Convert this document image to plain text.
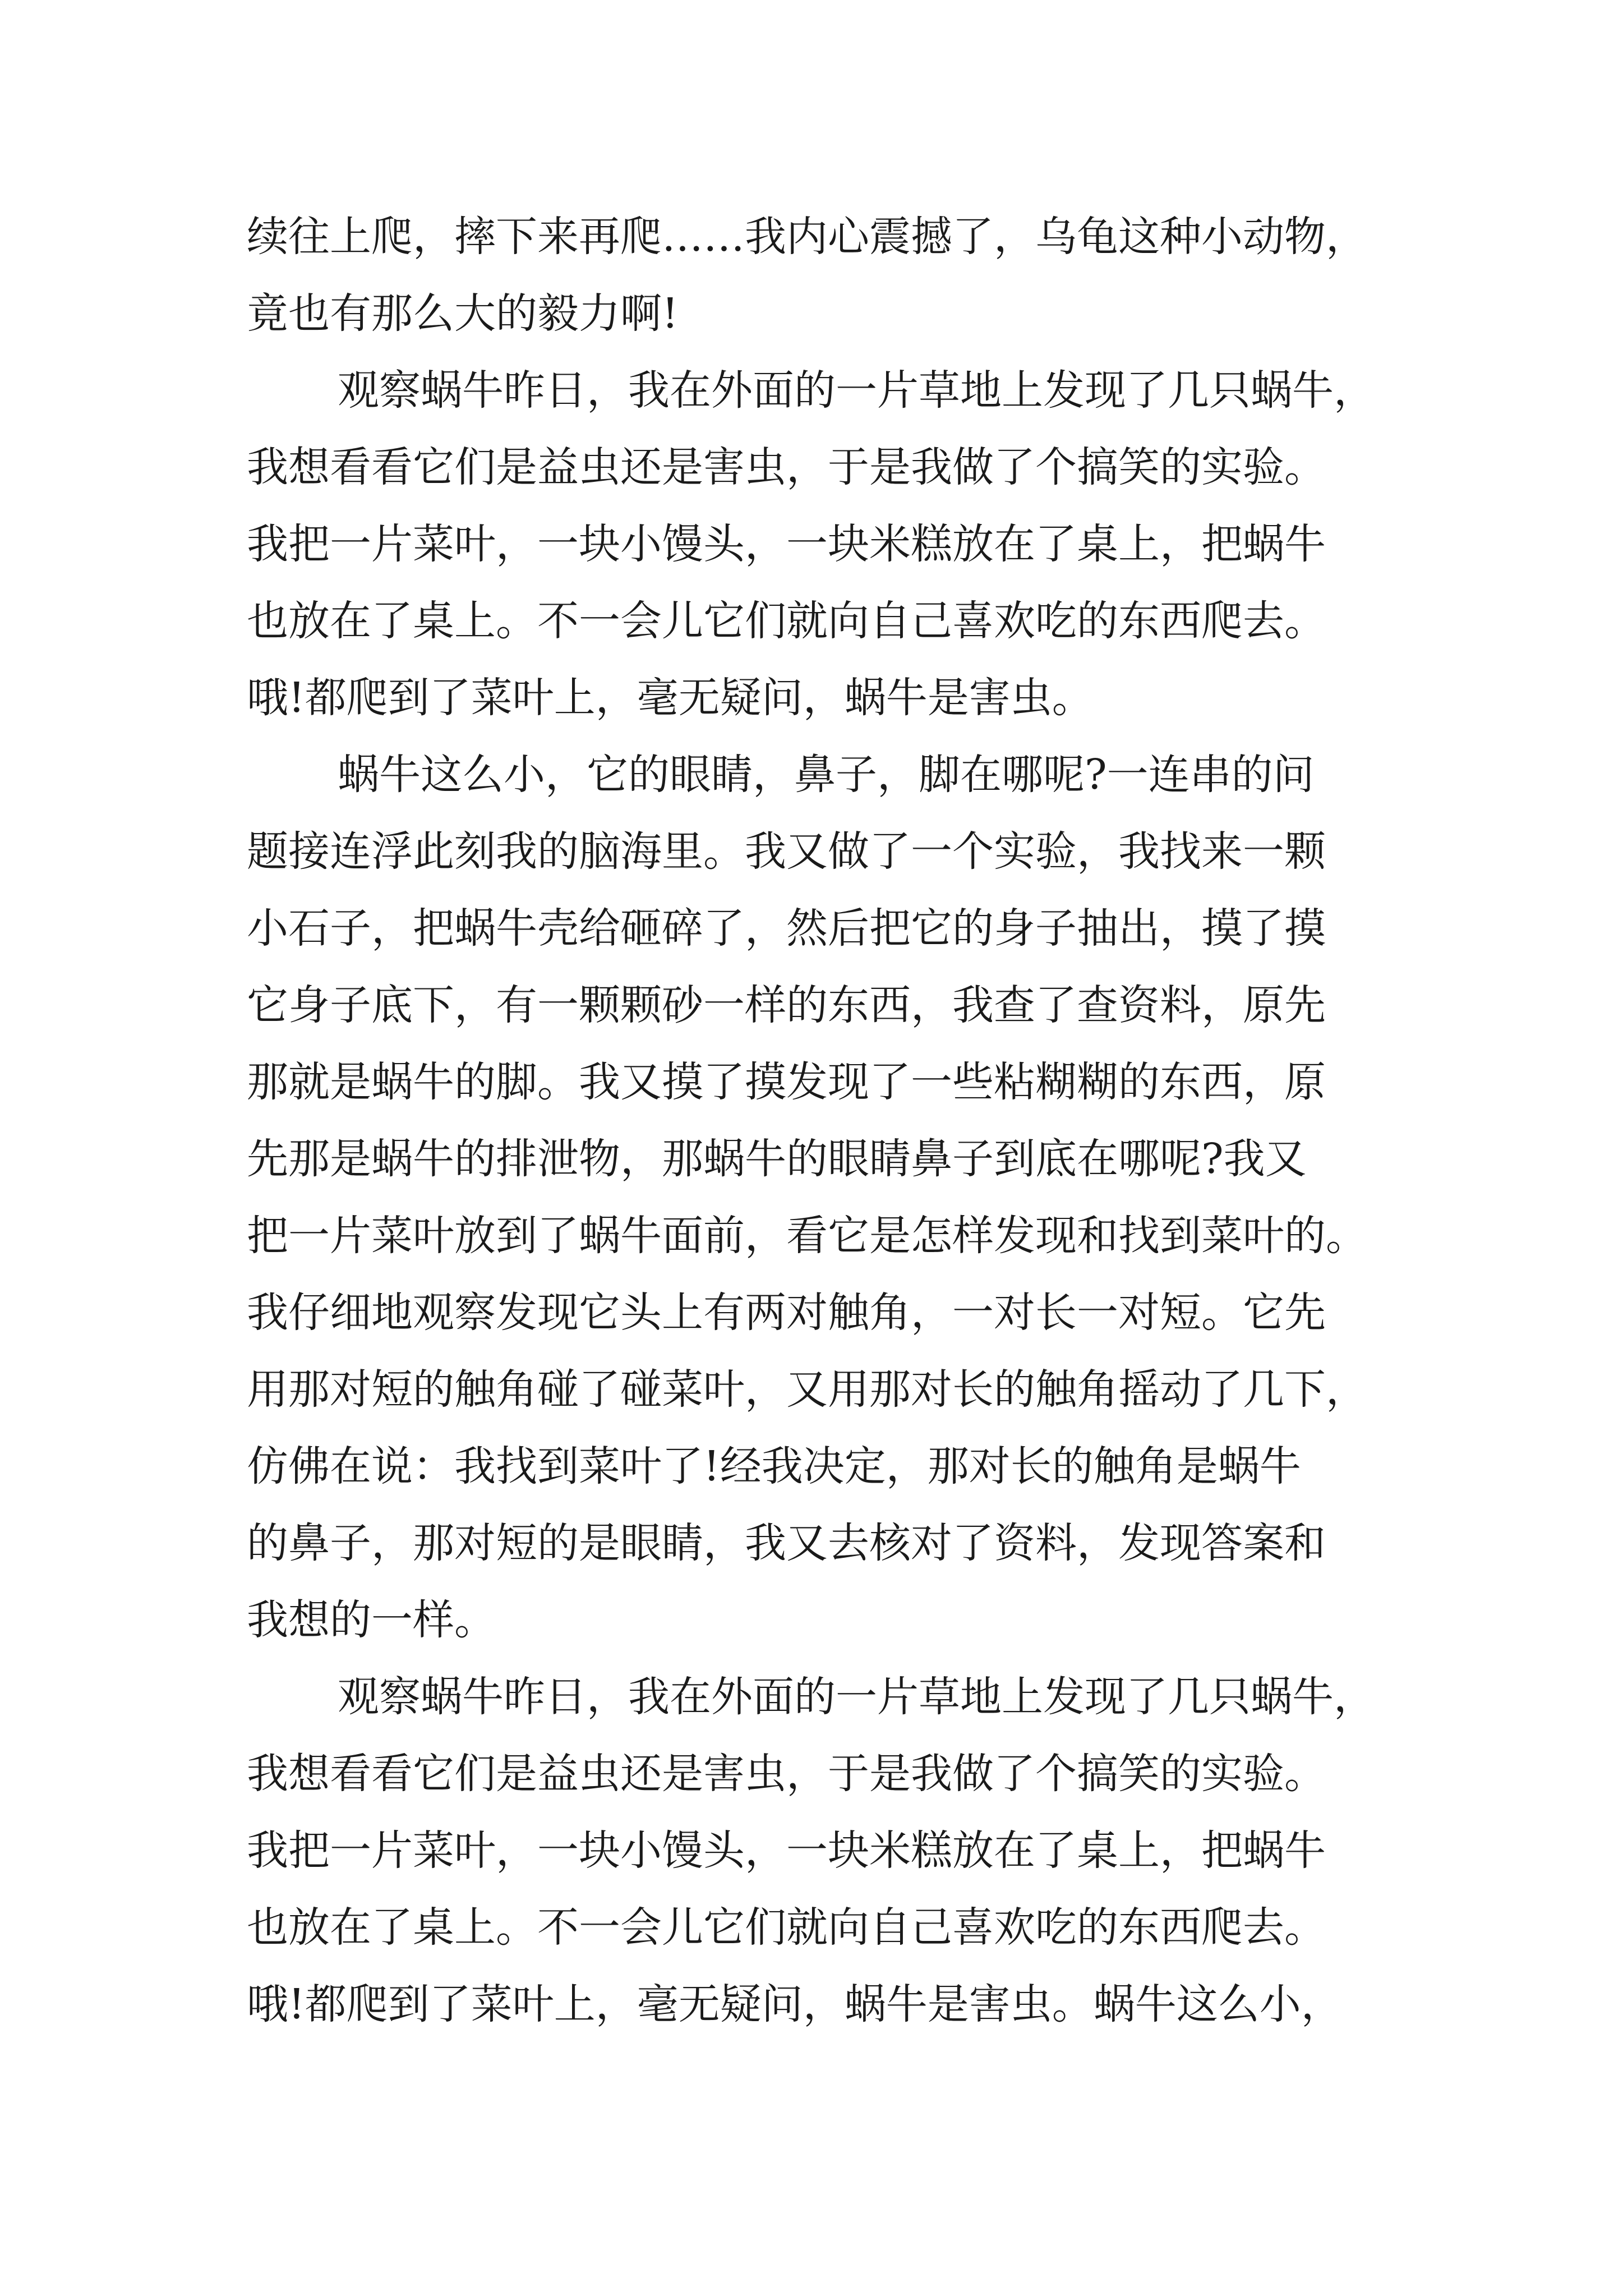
续往上爬，摔下来再爬……我内心震撼了，乌龟这种小动物，
竟也有那么大的毅力啊!
观察蜗牛昨日，我在外面的一片草地上发现了几只蜗牛，
我想看看它们是益虫还是害虫，于是我做了个搞笑的实验。
我把一片菜叶，一块小馒头，一块米糕放在了桌上，把蜗牛
也放在了桌上。不一会儿它们就向自己喜欢吃的东西爬去。
哦!都爬到了菜叶上，毫无疑问，蜗牛是害虫。
蜗牛这么小，它的眼睛，鼻子，脚在哪呢?一连串的问
题接连浮此刻我的脑海里。我又做了一个实验，我找来一颗
小石子，把蜗牛壳给砸碎了，然后把它的身子抽出，摸了摸
它身子底下，有一颗颗砂一样的东西，我查了查资料，原先
那就是蜗牛的脚。我又摸了摸发现了一些粘糊糊的东西，原
先那是蜗牛的排泄物，那蜗牛的眼睛鼻子到底在哪呢?我又
把一片菜叶放到了蜗牛面前，看它是怎样发现和找到菜叶的。
我仔细地观察发现它头上有两对触角，一对长一对短。它先
用那对短的触角碰了碰菜叶，又用那对长的触角摇动了几下，
仿佛在说：我找到菜叶了!经我决定，那对长的触角是蜗牛
的鼻子，那对短的是眼睛，我又去核对了资料，发现答案和
我想的一样。
观察蜗牛昨日，我在外面的一片草地上发现了几只蜗牛，
我想看看它们是益虫还是害虫，于是我做了个搞笑的实验。
我把一片菜叶，一块小馒头，一块米糕放在了桌上，把蜗牛
也放在了桌上。不一会儿它们就向自己喜欢吃的东西爬去。
哦!都爬到了菜叶上，毫无疑问，蜗牛是害虫。蜗牛这么小，
